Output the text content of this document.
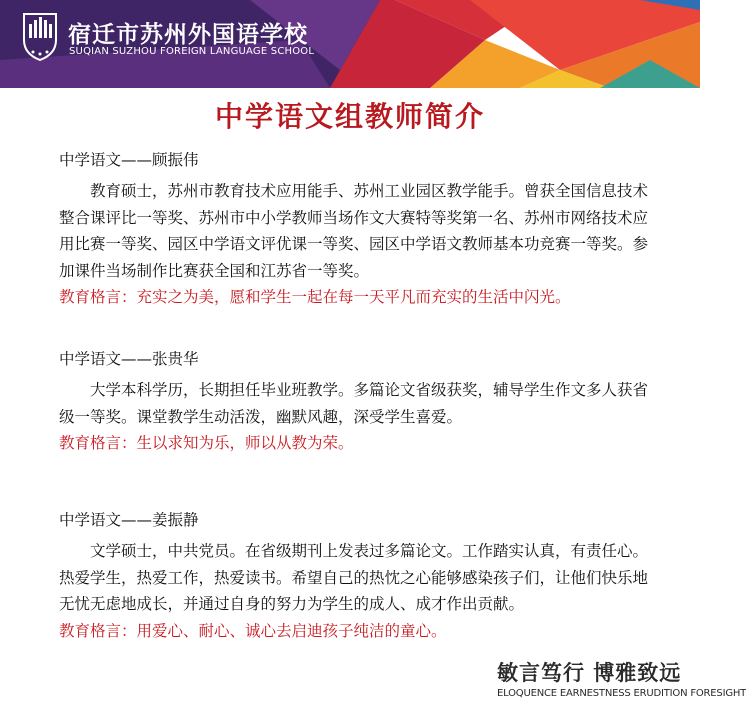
宿迁市苏州外国语学校
SUQIAN SUZHOU FOREIGN LANGUAGE SCHOOL
中学语文组教师简介
中学语文——顾振伟
教育硕士，苏州市教育技术应用能手、苏州工业园区教学能手。曾获全国信息技术整合课评比一等奖、苏州市中小学教师当场作文大赛特等奖第一名、苏州市网络技术应用比赛一等奖、园区中学语文评优课一等奖、园区中学语文教师基本功竞赛一等奖。参加课件当场制作比赛获全国和江苏省一等奖。
教育格言：充实之为美，愿和学生一起在每一天平凡而充实的生活中闪光。
中学语文——张贵华
大学本科学历，长期担任毕业班教学。多篇论文省级获奖，辅导学生作文多人获省级一等奖。课堂教学生动活泼，幽默风趣，深受学生喜爱。
教育格言：生以求知为乐，师以从教为荣。
中学语文——姜振静
文学硕士，中共党员。在省级期刊上发表过多篇论文。工作踏实认真，有责任心。热爱学生，热爱工作，热爱读书。希望自己的热忱之心能够感染孩子们，让他们快乐地无忧无虑地成长，并通过自身的努力为学生的成人、成才作出贡献。
教育格言：用爱心、耐心、诚心去启迪孩子纯洁的童心。
敏言笃行 博雅致远
ELOQUENCE EARNESTNESS ERUDITION FORESIGHT
